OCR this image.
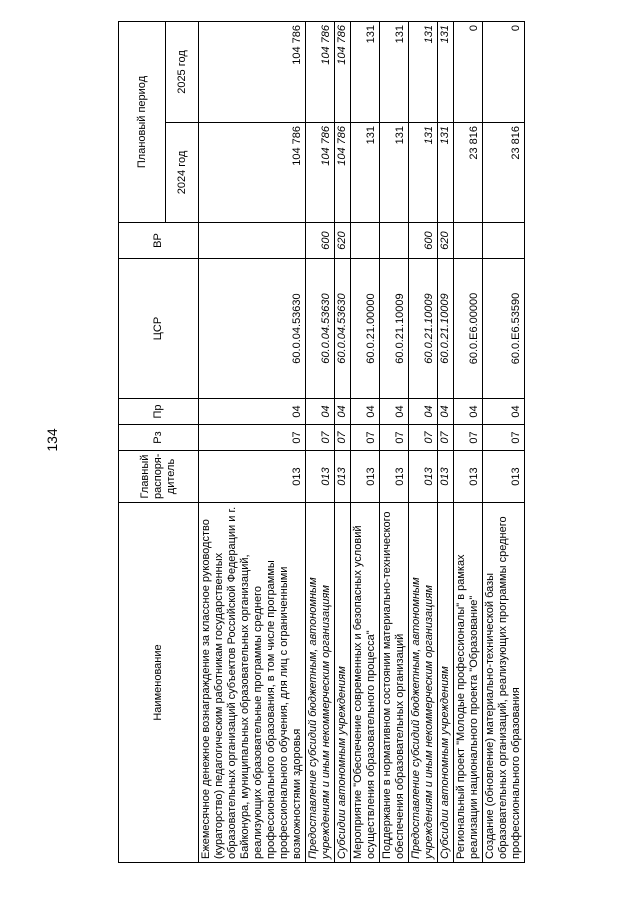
134
Наименование	Главный распоря-дитель	Рз	Пр	ЦСР	ВР	Плановый период	
						2024 год	2025 год
Ежемесячное денежное вознаграждение за классное руководство (кураторство) педагогическим работникам государственных образовательных организаций субъектов Российской Федерации и г. Байконура, муниципальных образовательных организаций, реализующих образовательные программы среднего профессионального образования, в том числе программы профессионального обучения, для лиц с ограниченными возможностями здоровья	013	07	04	60.0.04.53630		104 786	104 786
Предоставление субсидий бюджетным, автономным учреждениям и иным некоммерческим организациям	013	07	04	60.0.04.53630	600	104 786	104 786
Субсидии автономным учреждениям	013	07	04	60.0.04.53630	620	104 786	104 786
Мероприятие "Обеспечение современных и безопасных условий осуществления образовательного процесса"	013	07	04	60.0.21.00000		131	131
Поддержание в нормативном состоянии материально-технического обеспечения образовательных организаций	013	07	04	60.0.21.10009		131	131
Предоставление субсидий бюджетным, автономным учреждениям и иным некоммерческим организациям	013	07	04	60.0.21.10009	600	131	131
Субсидии автономным учреждениям	013	07	04	60.0.21.10009	620	131	131
Региональный проект "Молодые профессионалы" в рамках реализации национального проекта "Образование"	013	07	04	60.0.Е6.00000		23 816	0
Создание (обновление) материально-технической базы образовательных организаций, реализующих программы среднего профессионального образования	013	07	04	60.0.Е6.53590		23 816	0
